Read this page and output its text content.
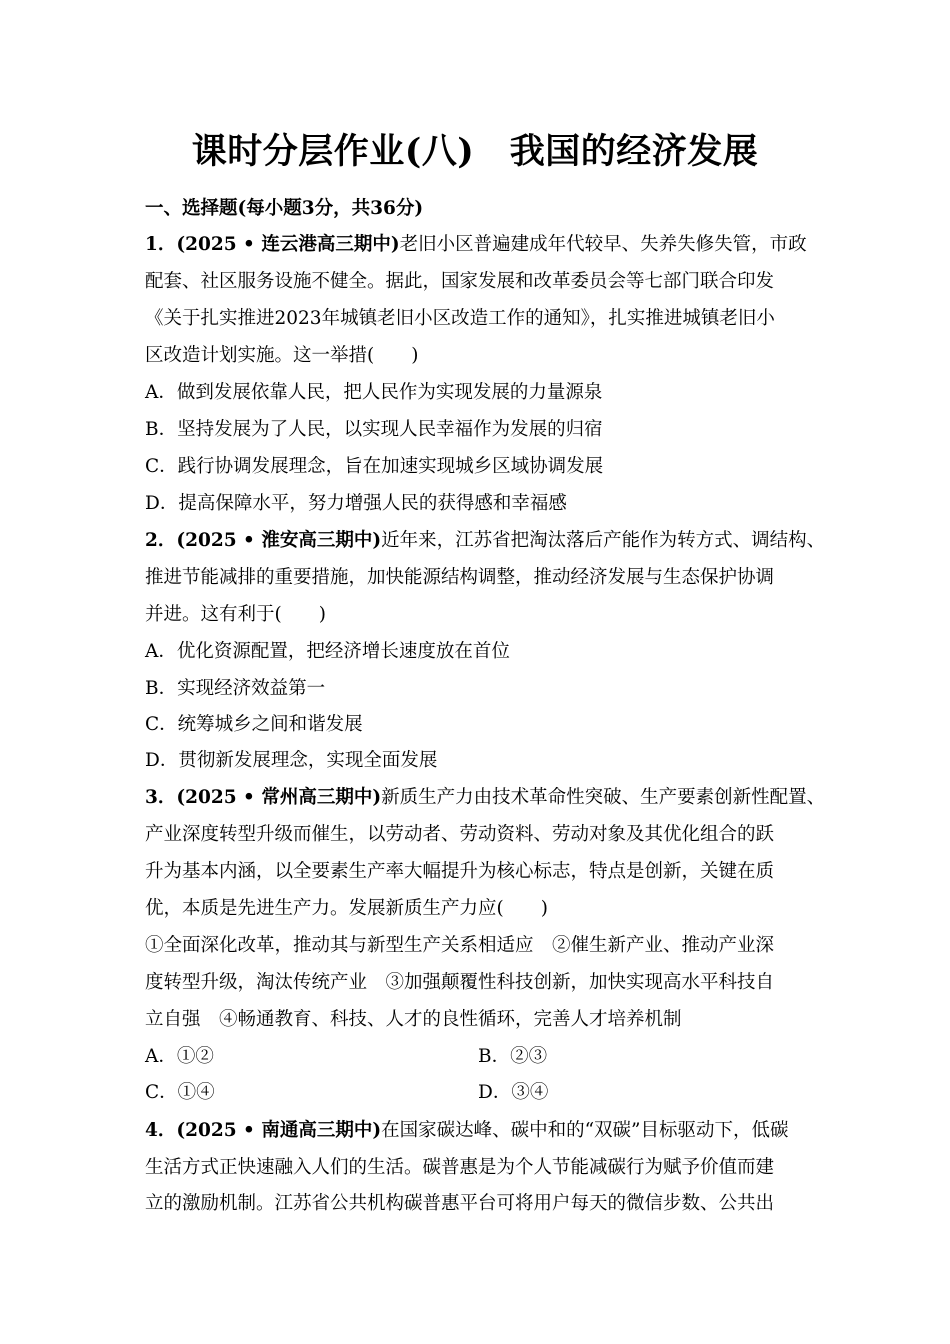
课时分层作业(八)　我国的经济发展
一、选择题(每小题3分，共36分)
1．(2025 • 连云港高三期中)老旧小区普遍建成年代较早、失养失修失管，市政
配套、社区服务设施不健全。据此，国家发展和改革委员会等七部门联合印发
《关于扎实推进2023年城镇老旧小区改造工作的通知》，扎实推进城镇老旧小
区改造计划实施。这一举措(　　)
A．做到发展依靠人民，把人民作为实现发展的力量源泉
B．坚持发展为了人民，以实现人民幸福作为发展的归宿
C．践行协调发展理念，旨在加速实现城乡区域协调发展
D．提高保障水平，努力增强人民的获得感和幸福感
2．(2025 • 淮安高三期中)近年来，江苏省把淘汰落后产能作为转方式、调结构、
推进节能减排的重要措施，加快能源结构调整，推动经济发展与生态保护协调
并进。这有利于(　　)
A．优化资源配置，把经济增长速度放在首位
B．实现经济效益第一
C．统筹城乡之间和谐发展
D．贯彻新发展理念，实现全面发展
3．(2025 • 常州高三期中)新质生产力由技术革命性突破、生产要素创新性配置、
产业深度转型升级而催生，以劳动者、劳动资料、劳动对象及其优化组合的跃
升为基本内涵，以全要素生产率大幅提升为核心标志，特点是创新，关键在质
优，本质是先进生产力。发展新质生产力应(　　)
①全面深化改革，推动其与新型生产关系相适应　②催生新产业、推动产业深
度转型升级，淘汰传统产业　③加强颠覆性科技创新，加快实现高水平科技自
立自强　④畅通教育、科技、人才的良性循环，完善人才培养机制
A．①②	B．②③
C．①④	D．③④
4．(2025 • 南通高三期中)在国家碳达峰、碳中和的“双碳”目标驱动下，低碳
生活方式正快速融入人们的生活。碳普惠是为个人节能减碳行为赋予价值而建
立的激励机制。江苏省公共机构碳普惠平台可将用户每天的微信步数、公共出
